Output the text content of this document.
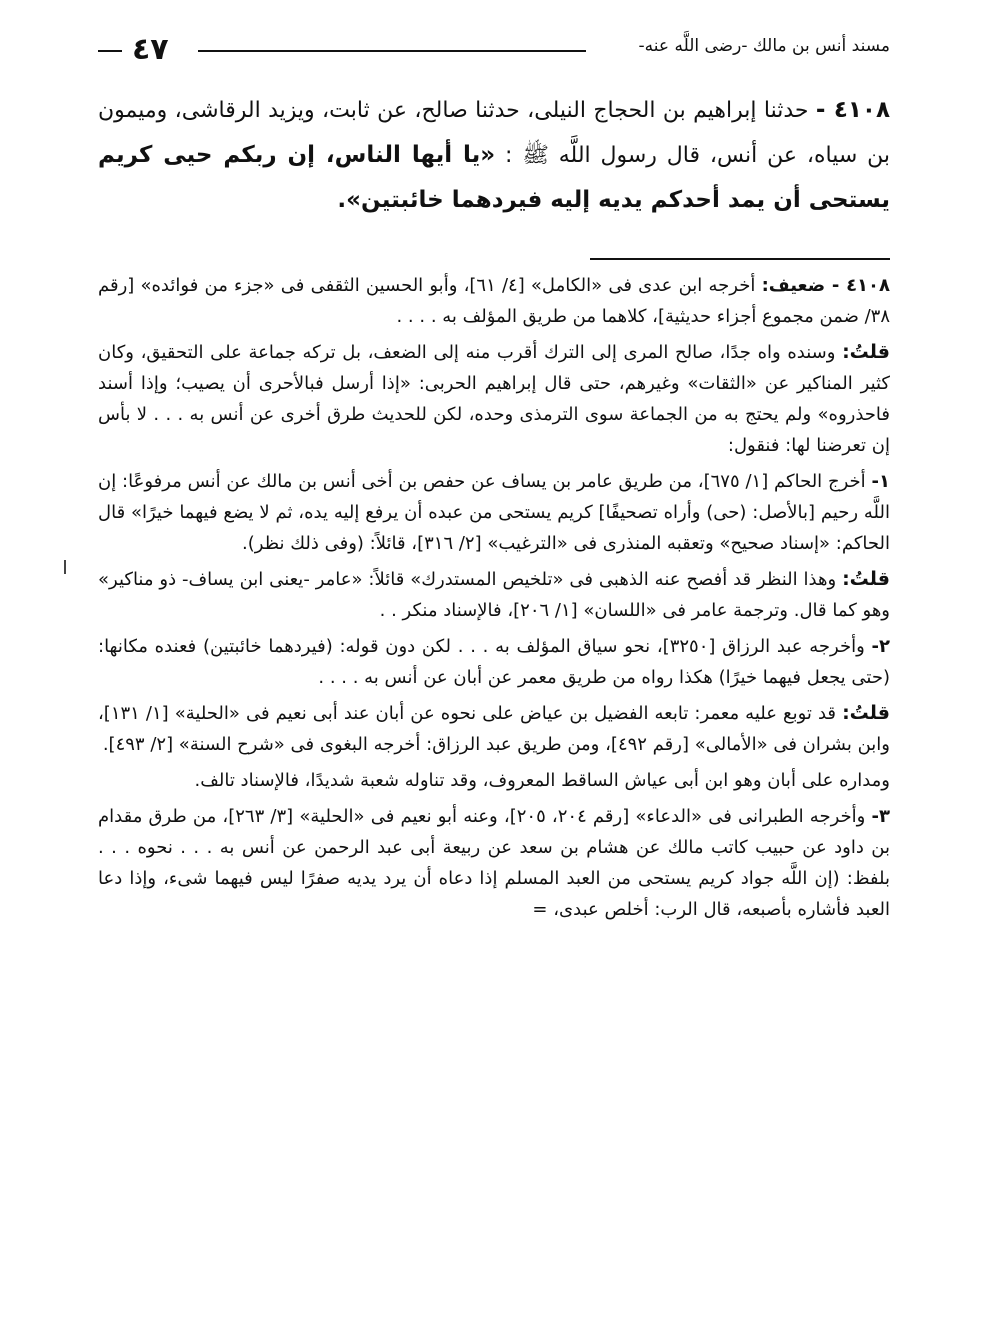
٤٧	مسند أنس بن مالك -رضى اللَّه عنه-
٤١٠٨ - حدثنا إبراهيم بن الحجاج النيلى، حدثنا صالح، عن ثابت، ويزيد الرقاشى، وميمون بن سياه، عن أنس، قال رسول اللَّه ﷺ : «يا أيها الناس، إن ربكم حيى كريم يستحى أن يمد أحدكم يديه إليه فيردهما خائبتين».

٤١٠٨ - ضعيف: أخرجه ابن عدى فى «الكامل» [٤/ ٦١]، وأبو الحسين الثقفى فى «جزء من فوائده» [رقم ٣٨/ ضمن مجموع أجزاء حديثية]، كلاهما من طريق المؤلف به . . . .

قلتُ: وسنده واه جدًا، صالح المرى إلى الترك أقرب منه إلى الضعف، بل تركه جماعة على التحقيق، وكان كثير المناكير عن «الثقات» وغيرهم، حتى قال إبراهيم الحربى: «إذا أرسل فبالأحرى أن يصيب؛ وإذا أسند فاحذروه» ولم يحتج به من الجماعة سوى الترمذى وحده، لكن للحديث طرق أخرى عن أنس به . . . لا بأس إن تعرضنا لها: فنقول:

١- أخرج الحاكم [١/ ٦٧٥]، من طريق عامر بن يساف عن حفص بن أخى أنس بن مالك عن أنس مرفوعًا: إن اللَّه رحيم [بالأصل: (حى) وأراه تصحيفًا] كريم يستحى من عبده أن يرفع إليه يده، ثم لا يضع فيهما خيرًا» قال الحاكم: «إسناد صحيح» وتعقبه المنذرى فى «الترغيب» [٢/ ٣١٦]، قائلاً: (وفى ذلك نظر).

قلتُ: وهذا النظر قد أفصح عنه الذهبى فى «تلخيص المستدرك» قائلاً: «عامر -يعنى ابن يساف- ذو مناكير» وهو كما قال. وترجمة عامر فى «اللسان» [١/ ٢٠٦]، فالإسناد منكر . .

٢- وأخرجه عبد الرزاق [٣٢٥٠]، نحو سياق المؤلف به . . . لكن دون قوله: (فيردهما خائبتين) فعنده مكانها: (حتى يجعل فيهما خيرًا) هكذا رواه من طريق معمر عن أبان عن أنس به . . . .

قلتُ: قد توبع عليه معمر: تابعه الفضيل بن عياض على نحوه عن أبان عند أبى نعيم فى «الحلية» [١/ ١٣١]، وابن بشران فى «الأمالى» [رقم ٤٩٢]، ومن طريق عبد الرزاق: أخرجه البغوى فى «شرح السنة» [٢/ ٤٩٣].

ومداره على أبان وهو ابن أبى عياش الساقط المعروف، وقد تناوله شعبة شديدًا، فالإسناد تالف.

٣- وأخرجه الطبرانى فى «الدعاء» [رقم ٢٠٤، ٢٠٥]، وعنه أبو نعيم فى «الحلية» [٣/ ٢٦٣]، من طرق مقدام بن داود عن حبيب كاتب مالك عن هشام بن سعد عن ربيعة أبى عبد الرحمن عن أنس به . . . نحوه . . . بلفظ: (إن اللَّه جواد كريم يستحى من العبد المسلم إذا دعاه أن يرد يديه صفرًا ليس فيهما شىء، وإذا دعا العبد فأشاره بأصبعه، قال الرب: أخلص عبدى، =
